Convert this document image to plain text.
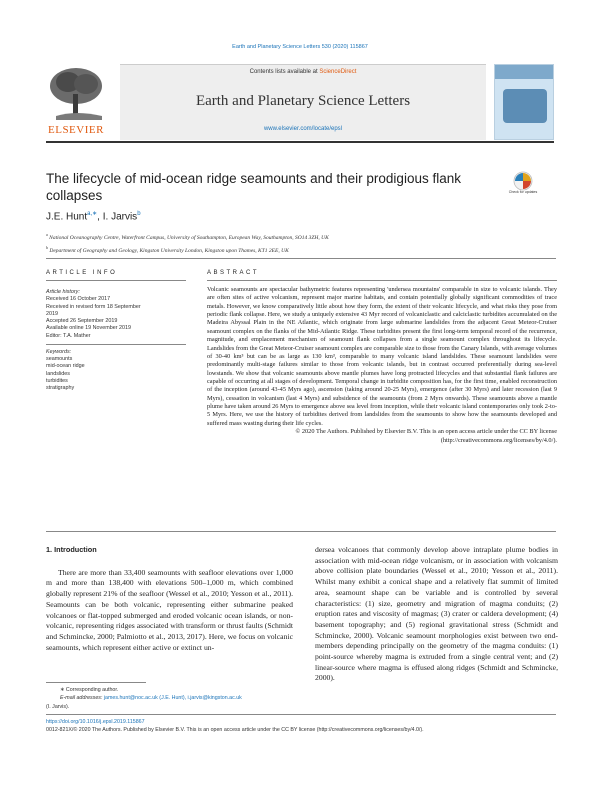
Earth and Planetary Science Letters 530 (2020) 115867
ELSEVIER
Contents lists available at ScienceDirect
Earth and Planetary Science Letters
www.elsevier.com/locate/epsl
The lifecycle of mid-ocean ridge seamounts and their prodigious flank collapses	Check for updates
J.E. Hunt$^{a,∗}$, I. Jarvis$^b$
$^a$ National Oceanography Centre, Waterfront Campus, University of Southampton, European Way, Southampton, SO14 3ZH, UK
$^b$ Department of Geography and Geology, Kingston University London, Kingston upon Thames, KT1 2EE, UK
ARTICLE INFO	ABSTRACT
Article history:
Received 16 October 2017
Received in revised form 18 September
2019
Accepted 26 September 2019
Available online 19 November 2019
Editor: T.A. Mather
Keywords:
seamounts
mid-ocean ridge
landslides
turbidites
stratigraphy
Volcanic seamounts are spectacular bathymetric features representing 'undersea mountains' comparable in size to volcanic islands. They are often sites of active volcanism, represent major marine habitats, and contain potentially globally significant commodities of trace metals. However, we know comparatively little about how they form, the extent of their volcanic lifecycle, and what risks they pose from periodic flank collapse. Here, we study a uniquely extensive 43 Myr record of volcaniclastic and calciclastic turbidites accumulated on the Madeira Abyssal Plain in the NE Atlantic, which originate from large submarine landslides from the adjacent Great Meteor-Cruiser seamount complex on the flanks of the Mid-Atlantic Ridge. These turbidites present the first long-term temporal record of the recurrence, magnitude, and emplacement mechanism of seamount flank collapses from a single seamount complex throughout its lifecycle. Landslides from the Great Meteor-Cruiser seamount complex are comparable size to those from the Canary Islands, with average volumes of 30-40 km³ but can be as large as 130 km³, comparable to many volcanic island landslides. These seamount landslides were predominantly multi-stage failures similar to those from volcanic islands, but in contrast occurred preferentially during sea-level lowstands. We show that volcanic seamounts above mantle plumes have long protracted lifecycles and that substantial flank failures are capable of occurring at all stages of development. Temporal change in turbidite composition has, for the first time, enabled reconstruction of the inception (around 43-45 Myrs ago), ascension (taking around 20-25 Myrs), emergence (after 30 Myrs) and later recession (last 9 Myrs), cessation in volcanism (last 4 Myrs) and subsidence of the seamounts (from 2 Myrs onwards). These seamounts above a mantle plume have taken around 26 Myrs to emergence above sea level from inception, while their volcanic island contemporaries only took 2-to-5 Myrs. Here, we use the history of turbidites derived from landslides from the seamounts to show how the seamounts developed and suffered mass wasting during their life cycles.
© 2020 The Authors. Published by Elsevier B.V. This is an open access article under the CC BY license (http://creativecommons.org/licenses/by/4.0/).
1. Introduction
There are more than 33,400 seamounts with seafloor elevations over 1,000 m and more than 138,400 with elevations 500–1,000 m, which combined globally represent 21% of the seafloor (Wessel et al., 2010; Yesson et al., 2011). Seamounts can be both volcanic, representing either submarine peaked volcanoes or flat-topped submerged and eroded volcanic ocean islands, or non-volcanic, representing ridges associated with transform or thrust faults (Schmidt and Schmincke, 2000; Palmiotto et al., 2013, 2017). Here, we focus on volcanic seamounts, which represent either active or extinct un-
dersea volcanoes that commonly develop above intraplate plume bodies in association with mid-ocean ridge volcanism, or in association with volcanism above collision plate boundaries (Wessel et al., 2010; Yesson et al., 2011). Whilst many exhibit a conical shape and a relatively flat summit of limited area, seamount shape can be variable and is controlled by several characteristics: (1) size, geometry and migration of magma conduits; (2) eruption rates and viscosity of magmas; (3) crater or caldera development; (4) basement topography; and (5) regional gravitational stress (Schmidt and Schmincke, 2000). Volcanic seamount morphologies exist between two end-members depending principally on the geometry of the magma conduits: (1) point-source whereby magma is extruded from a single central vent; and (2) linear-source where magma is effused along ridges (Schmidt and Schmincke, 2000).
∗ Corresponding author.
E-mail addresses: james.hunt@noc.ac.uk (J.E. Hunt), i.jarvis@kingston.ac.uk
(I. Jarvis).
https://doi.org/10.1016/j.epsl.2019.115867
0012-821X/© 2020 The Authors. Published by Elsevier B.V. This is an open access article under the CC BY license (http://creativecommons.org/licenses/by/4.0/).
